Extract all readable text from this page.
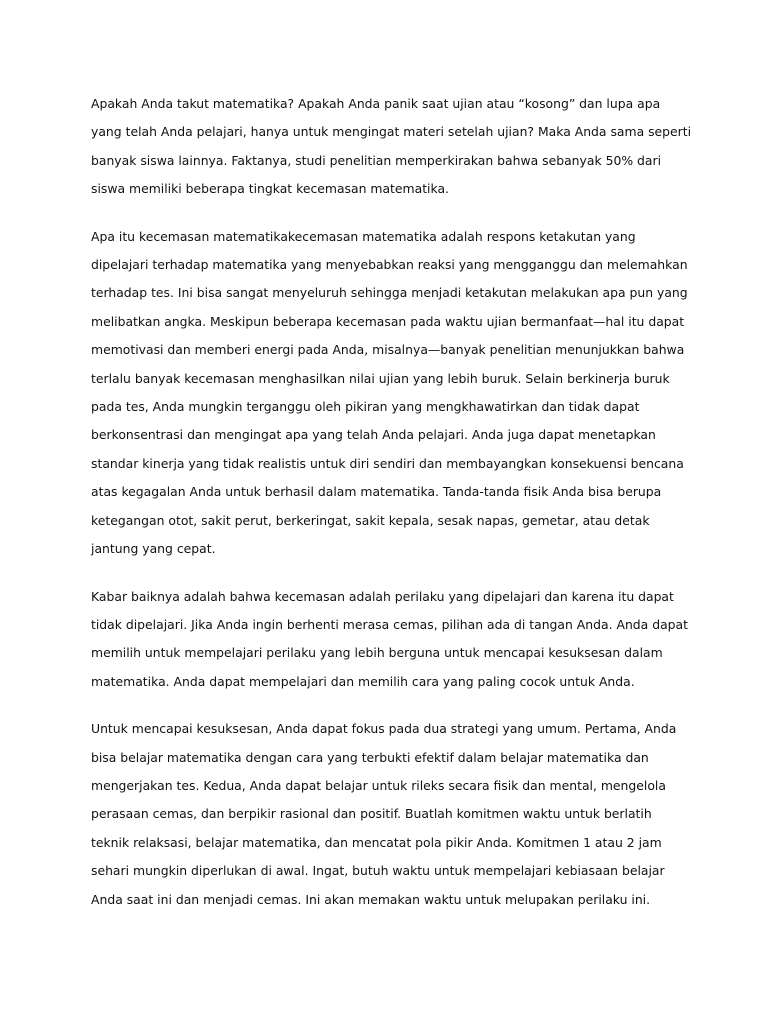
Apakah Anda takut matematika? Apakah Anda panik saat ujian atau “kosong” dan lupa apa
yang telah Anda pelajari, hanya untuk mengingat materi setelah ujian? Maka Anda sama seperti
banyak siswa lainnya. Faktanya, studi penelitian memperkirakan bahwa sebanyak 50% dari
siswa memiliki beberapa tingkat kecemasan matematika.

Apa itu kecemasan matematikakecemasan matematika adalah respons ketakutan yang
dipelajari terhadap matematika yang menyebabkan reaksi yang mengganggu dan melemahkan
terhadap tes. Ini bisa sangat menyeluruh sehingga menjadi ketakutan melakukan apa pun yang
melibatkan angka. Meskipun beberapa kecemasan pada waktu ujian bermanfaat—hal itu dapat
memotivasi dan memberi energi pada Anda, misalnya—banyak penelitian menunjukkan bahwa
terlalu banyak kecemasan menghasilkan nilai ujian yang lebih buruk. Selain berkinerja buruk
pada tes, Anda mungkin terganggu oleh pikiran yang mengkhawatirkan dan tidak dapat
berkonsentrasi dan mengingat apa yang telah Anda pelajari. Anda juga dapat menetapkan
standar kinerja yang tidak realistis untuk diri sendiri dan membayangkan konsekuensi bencana
atas kegagalan Anda untuk berhasil dalam matematika. Tanda-tanda fisik Anda bisa berupa
ketegangan otot, sakit perut, berkeringat, sakit kepala, sesak napas, gemetar, atau detak
jantung yang cepat.

Kabar baiknya adalah bahwa kecemasan adalah perilaku yang dipelajari dan karena itu dapat
tidak dipelajari. Jika Anda ingin berhenti merasa cemas, pilihan ada di tangan Anda. Anda dapat
memilih untuk mempelajari perilaku yang lebih berguna untuk mencapai kesuksesan dalam
matematika. Anda dapat mempelajari dan memilih cara yang paling cocok untuk Anda.

Untuk mencapai kesuksesan, Anda dapat fokus pada dua strategi yang umum. Pertama, Anda
bisa belajar matematika dengan cara yang terbukti efektif dalam belajar matematika dan
mengerjakan tes. Kedua, Anda dapat belajar untuk rileks secara fisik dan mental, mengelola
perasaan cemas, dan berpikir rasional dan positif. Buatlah komitmen waktu untuk berlatih
teknik relaksasi, belajar matematika, dan mencatat pola pikir Anda. Komitmen 1 atau 2 jam
sehari mungkin diperlukan di awal. Ingat, butuh waktu untuk mempelajari kebiasaan belajar
Anda saat ini dan menjadi cemas. Ini akan memakan waktu untuk melupakan perilaku ini.
